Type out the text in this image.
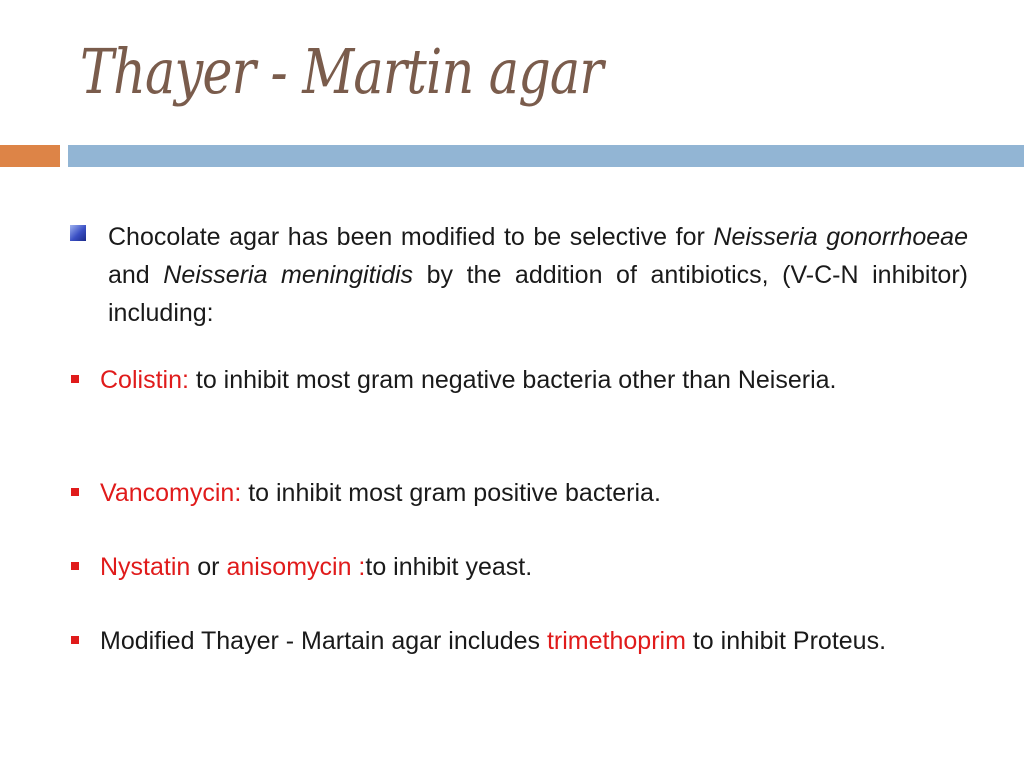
Thayer - Martin agar
Chocolate agar has been modified to be selective for Neisseria gonorrhoeae and Neisseria meningitidis by the addition of antibiotics, (V-C-N inhibitor) including:
Colistin: to inhibit most gram negative bacteria other than Neiseria.
Vancomycin: to inhibit most gram positive bacteria.
Nystatin or anisomycin :to inhibit yeast.
Modified Thayer - Martain agar includes trimethoprim to inhibit Proteus.
